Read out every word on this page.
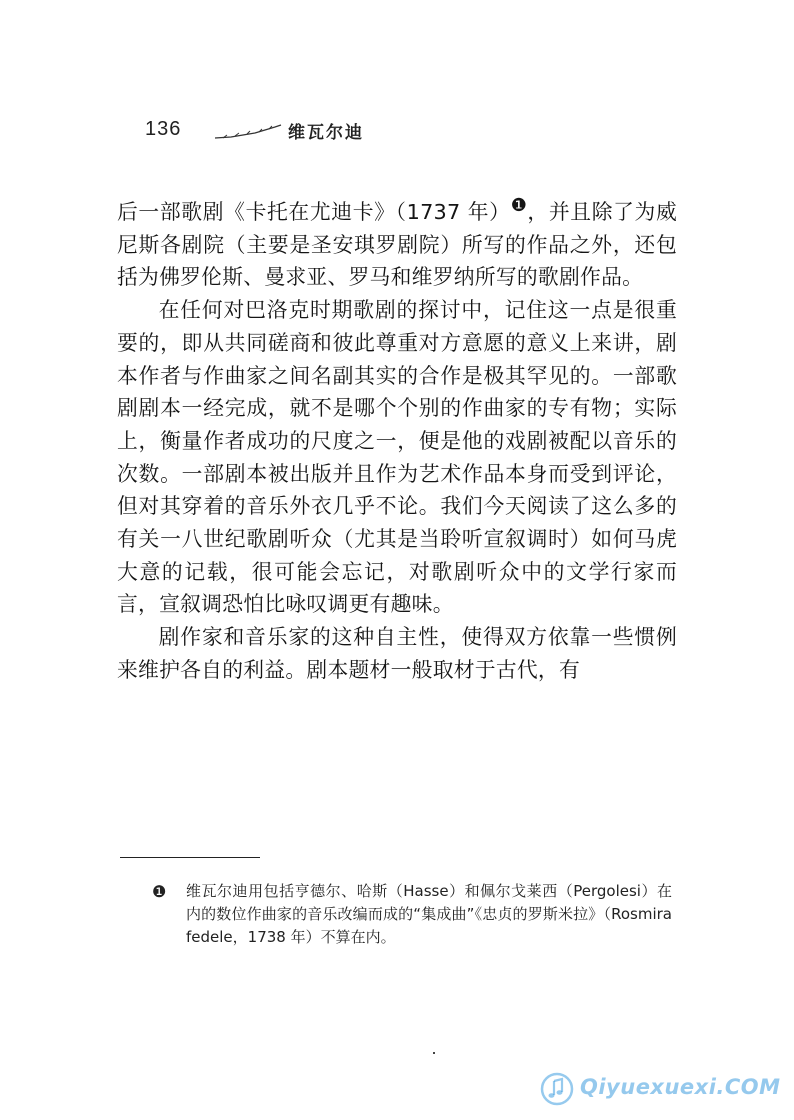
136	维瓦尔迪

后一部歌剧《卡托在尤迪卡》（1737 年）❶，并且除了为威尼斯各剧院（主要是圣安琪罗剧院）所写的作品之外，还包括为佛罗伦斯、曼求亚、罗马和维罗纳所写的歌剧作品。

在任何对巴洛克时期歌剧的探讨中，记住这一点是很重要的，即从共同磋商和彼此尊重对方意愿的意义上来讲，剧本作者与作曲家之间名副其实的合作是极其罕见的。一部歌剧剧本一经完成，就不是哪个个别的作曲家的专有物；实际上，衡量作者成功的尺度之一，便是他的戏剧被配以音乐的次数。一部剧本被出版并且作为艺术作品本身而受到评论，但对其穿着的音乐外衣几乎不论。我们今天阅读了这么多的有关一八世纪歌剧听众（尤其是当聆听宣叙调时）如何马虎大意的记载，很可能会忘记，对歌剧听众中的文学行家而言，宣叙调恐怕比咏叹调更有趣味。

剧作家和音乐家的这种自主性，使得双方依靠一些惯例来维护各自的利益。剧本题材一般取材于古代，有

❶ 维瓦尔迪用包括亨德尔、哈斯（Hasse）和佩尔戈莱西（Pergolesi）在内的数位作曲家的音乐改编而成的“集成曲”《忠贞的罗斯米拉》（Rosmira fedele，1738 年）不算在内。

Qiyuexuexi.COM
